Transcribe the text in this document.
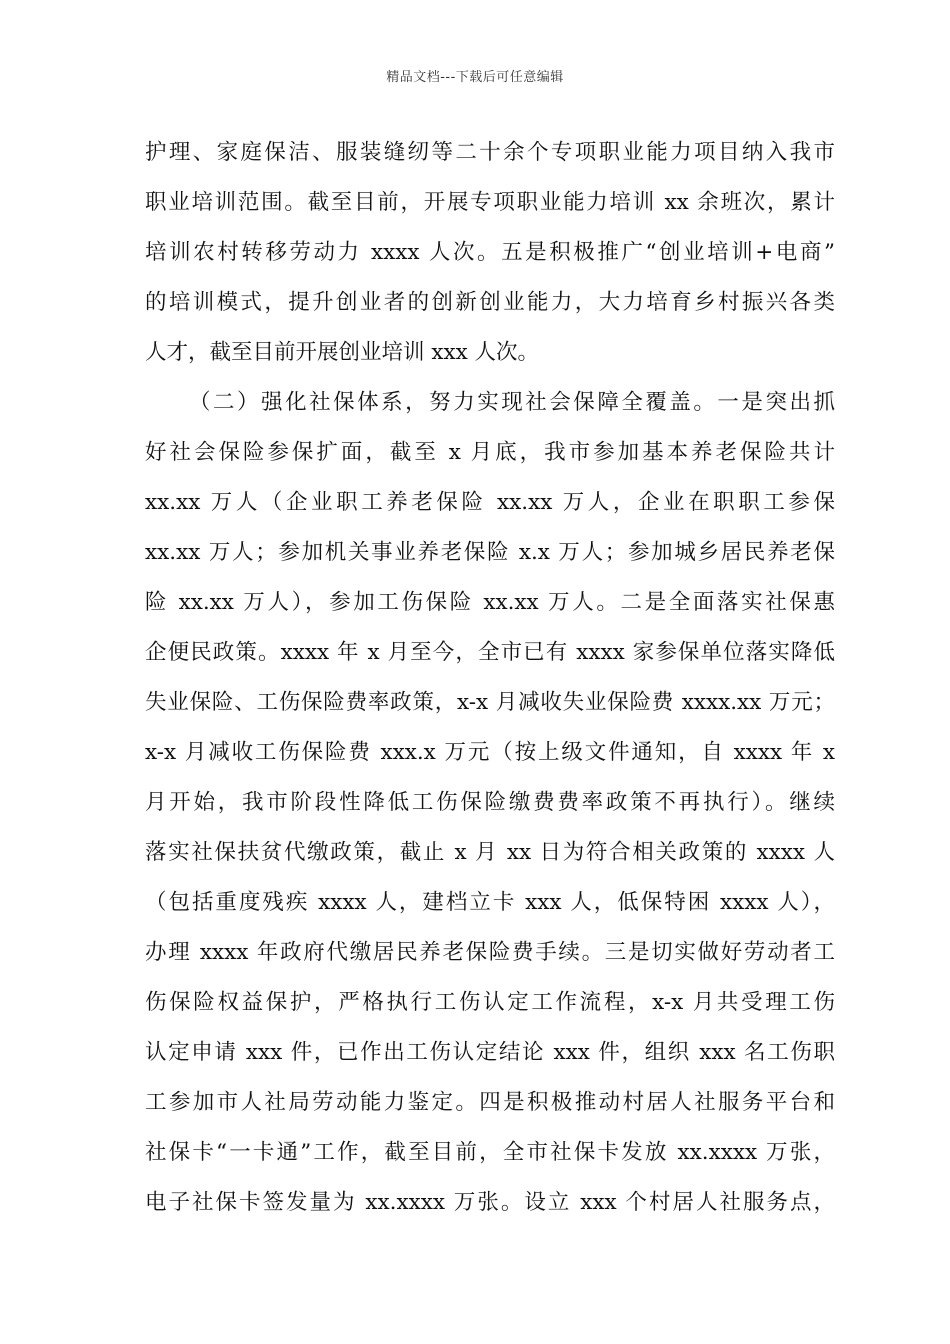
精品文档---下载后可任意编辑
护理、家庭保洁、服装缝纫等二十余个专项职业能力项目纳入我市
职业培训范围。截至目前，开展专项职业能力培训 xx 余班次，累计
培训农村转移劳动力 xxxx 人次。五是积极推广“创业培训+电商”
的培训模式，提升创业者的创新创业能力，大力培育乡村振兴各类
人才，截至目前开展创业培训 xxx 人次。
（二）强化社保体系，努力实现社会保障全覆盖。一是突出抓
好社会保险参保扩面，截至 x 月底，我市参加基本养老保险共计
xx.xx 万人（企业职工养老保险 xx.xx 万人，企业在职职工参保
xx.xx 万人；参加机关事业养老保险 x.x 万人；参加城乡居民养老保
险 xx.xx 万人），参加工伤保险 xx.xx 万人。二是全面落实社保惠
企便民政策。xxxx 年 x 月至今，全市已有 xxxx 家参保单位落实降低
失业保险、工伤保险费率政策，x-x 月减收失业保险费 xxxx.xx 万元；
x-x 月减收工伤保险费 xxx.x 万元（按上级文件通知，自 xxxx 年 x
月开始，我市阶段性降低工伤保险缴费费率政策不再执行）。继续
落实社保扶贫代缴政策，截止 x 月 xx 日为符合相关政策的 xxxx 人
（包括重度残疾 xxxx 人，建档立卡 xxx 人，低保特困 xxxx 人），
办理 xxxx 年政府代缴居民养老保险费手续。三是切实做好劳动者工
伤保险权益保护，严格执行工伤认定工作流程，x-x 月共受理工伤
认定申请 xxx 件，已作出工伤认定结论 xxx 件，组织 xxx 名工伤职
工参加市人社局劳动能力鉴定。四是积极推动村居人社服务平台和
社保卡“一卡通”工作，截至目前，全市社保卡发放 xx.xxxx 万张，
电子社保卡签发量为 xx.xxxx 万张。设立 xxx 个村居人社服务点，
